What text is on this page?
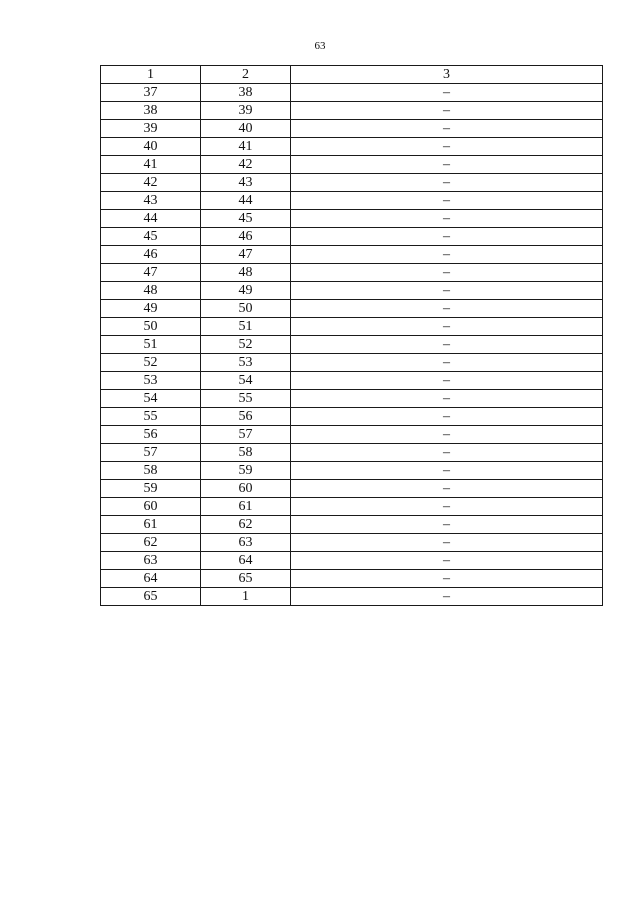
63
1	2	3
37	38	–
38	39	–
39	40	–
40	41	–
41	42	–
42	43	–
43	44	–
44	45	–
45	46	–
46	47	–
47	48	–
48	49	–
49	50	–
50	51	–
51	52	–
52	53	–
53	54	–
54	55	–
55	56	–
56	57	–
57	58	–
58	59	–
59	60	–
60	61	–
61	62	–
62	63	–
63	64	–
64	65	–
65	1	–
